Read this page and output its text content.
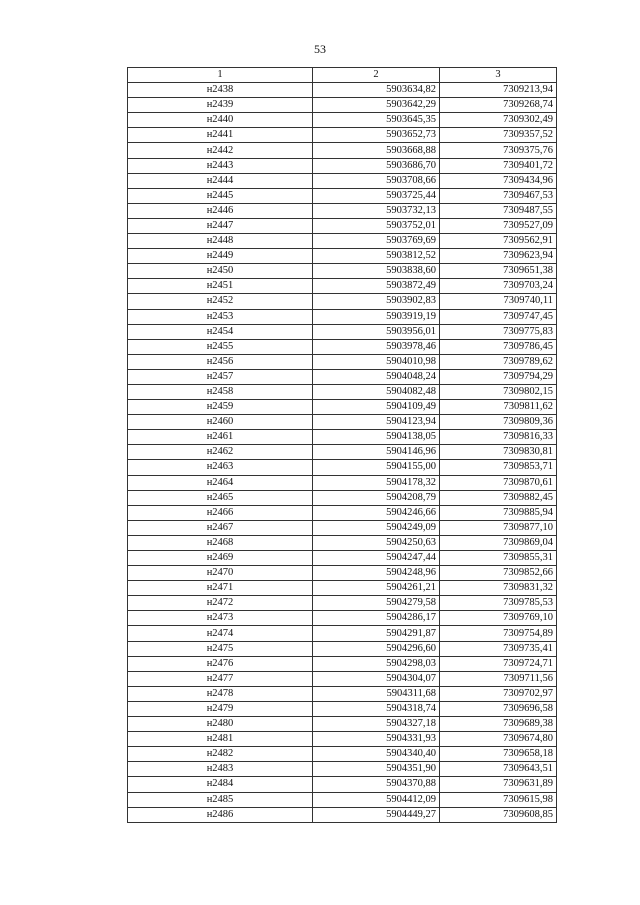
53
1	2	3
н2438	5903634,82	7309213,94
н2439	5903642,29	7309268,74
н2440	5903645,35	7309302,49
н2441	5903652,73	7309357,52
н2442	5903668,88	7309375,76
н2443	5903686,70	7309401,72
н2444	5903708,66	7309434,96
н2445	5903725,44	7309467,53
н2446	5903732,13	7309487,55
н2447	5903752,01	7309527,09
н2448	5903769,69	7309562,91
н2449	5903812,52	7309623,94
н2450	5903838,60	7309651,38
н2451	5903872,49	7309703,24
н2452	5903902,83	7309740,11
н2453	5903919,19	7309747,45
н2454	5903956,01	7309775,83
н2455	5903978,46	7309786,45
н2456	5904010,98	7309789,62
н2457	5904048,24	7309794,29
н2458	5904082,48	7309802,15
н2459	5904109,49	7309811,62
н2460	5904123,94	7309809,36
н2461	5904138,05	7309816,33
н2462	5904146,96	7309830,81
н2463	5904155,00	7309853,71
н2464	5904178,32	7309870,61
н2465	5904208,79	7309882,45
н2466	5904246,66	7309885,94
н2467	5904249,09	7309877,10
н2468	5904250,63	7309869,04
н2469	5904247,44	7309855,31
н2470	5904248,96	7309852,66
н2471	5904261,21	7309831,32
н2472	5904279,58	7309785,53
н2473	5904286,17	7309769,10
н2474	5904291,87	7309754,89
н2475	5904296,60	7309735,41
н2476	5904298,03	7309724,71
н2477	5904304,07	7309711,56
н2478	5904311,68	7309702,97
н2479	5904318,74	7309696,58
н2480	5904327,18	7309689,38
н2481	5904331,93	7309674,80
н2482	5904340,40	7309658,18
н2483	5904351,90	7309643,51
н2484	5904370,88	7309631,89
н2485	5904412,09	7309615,98
н2486	5904449,27	7309608,85
